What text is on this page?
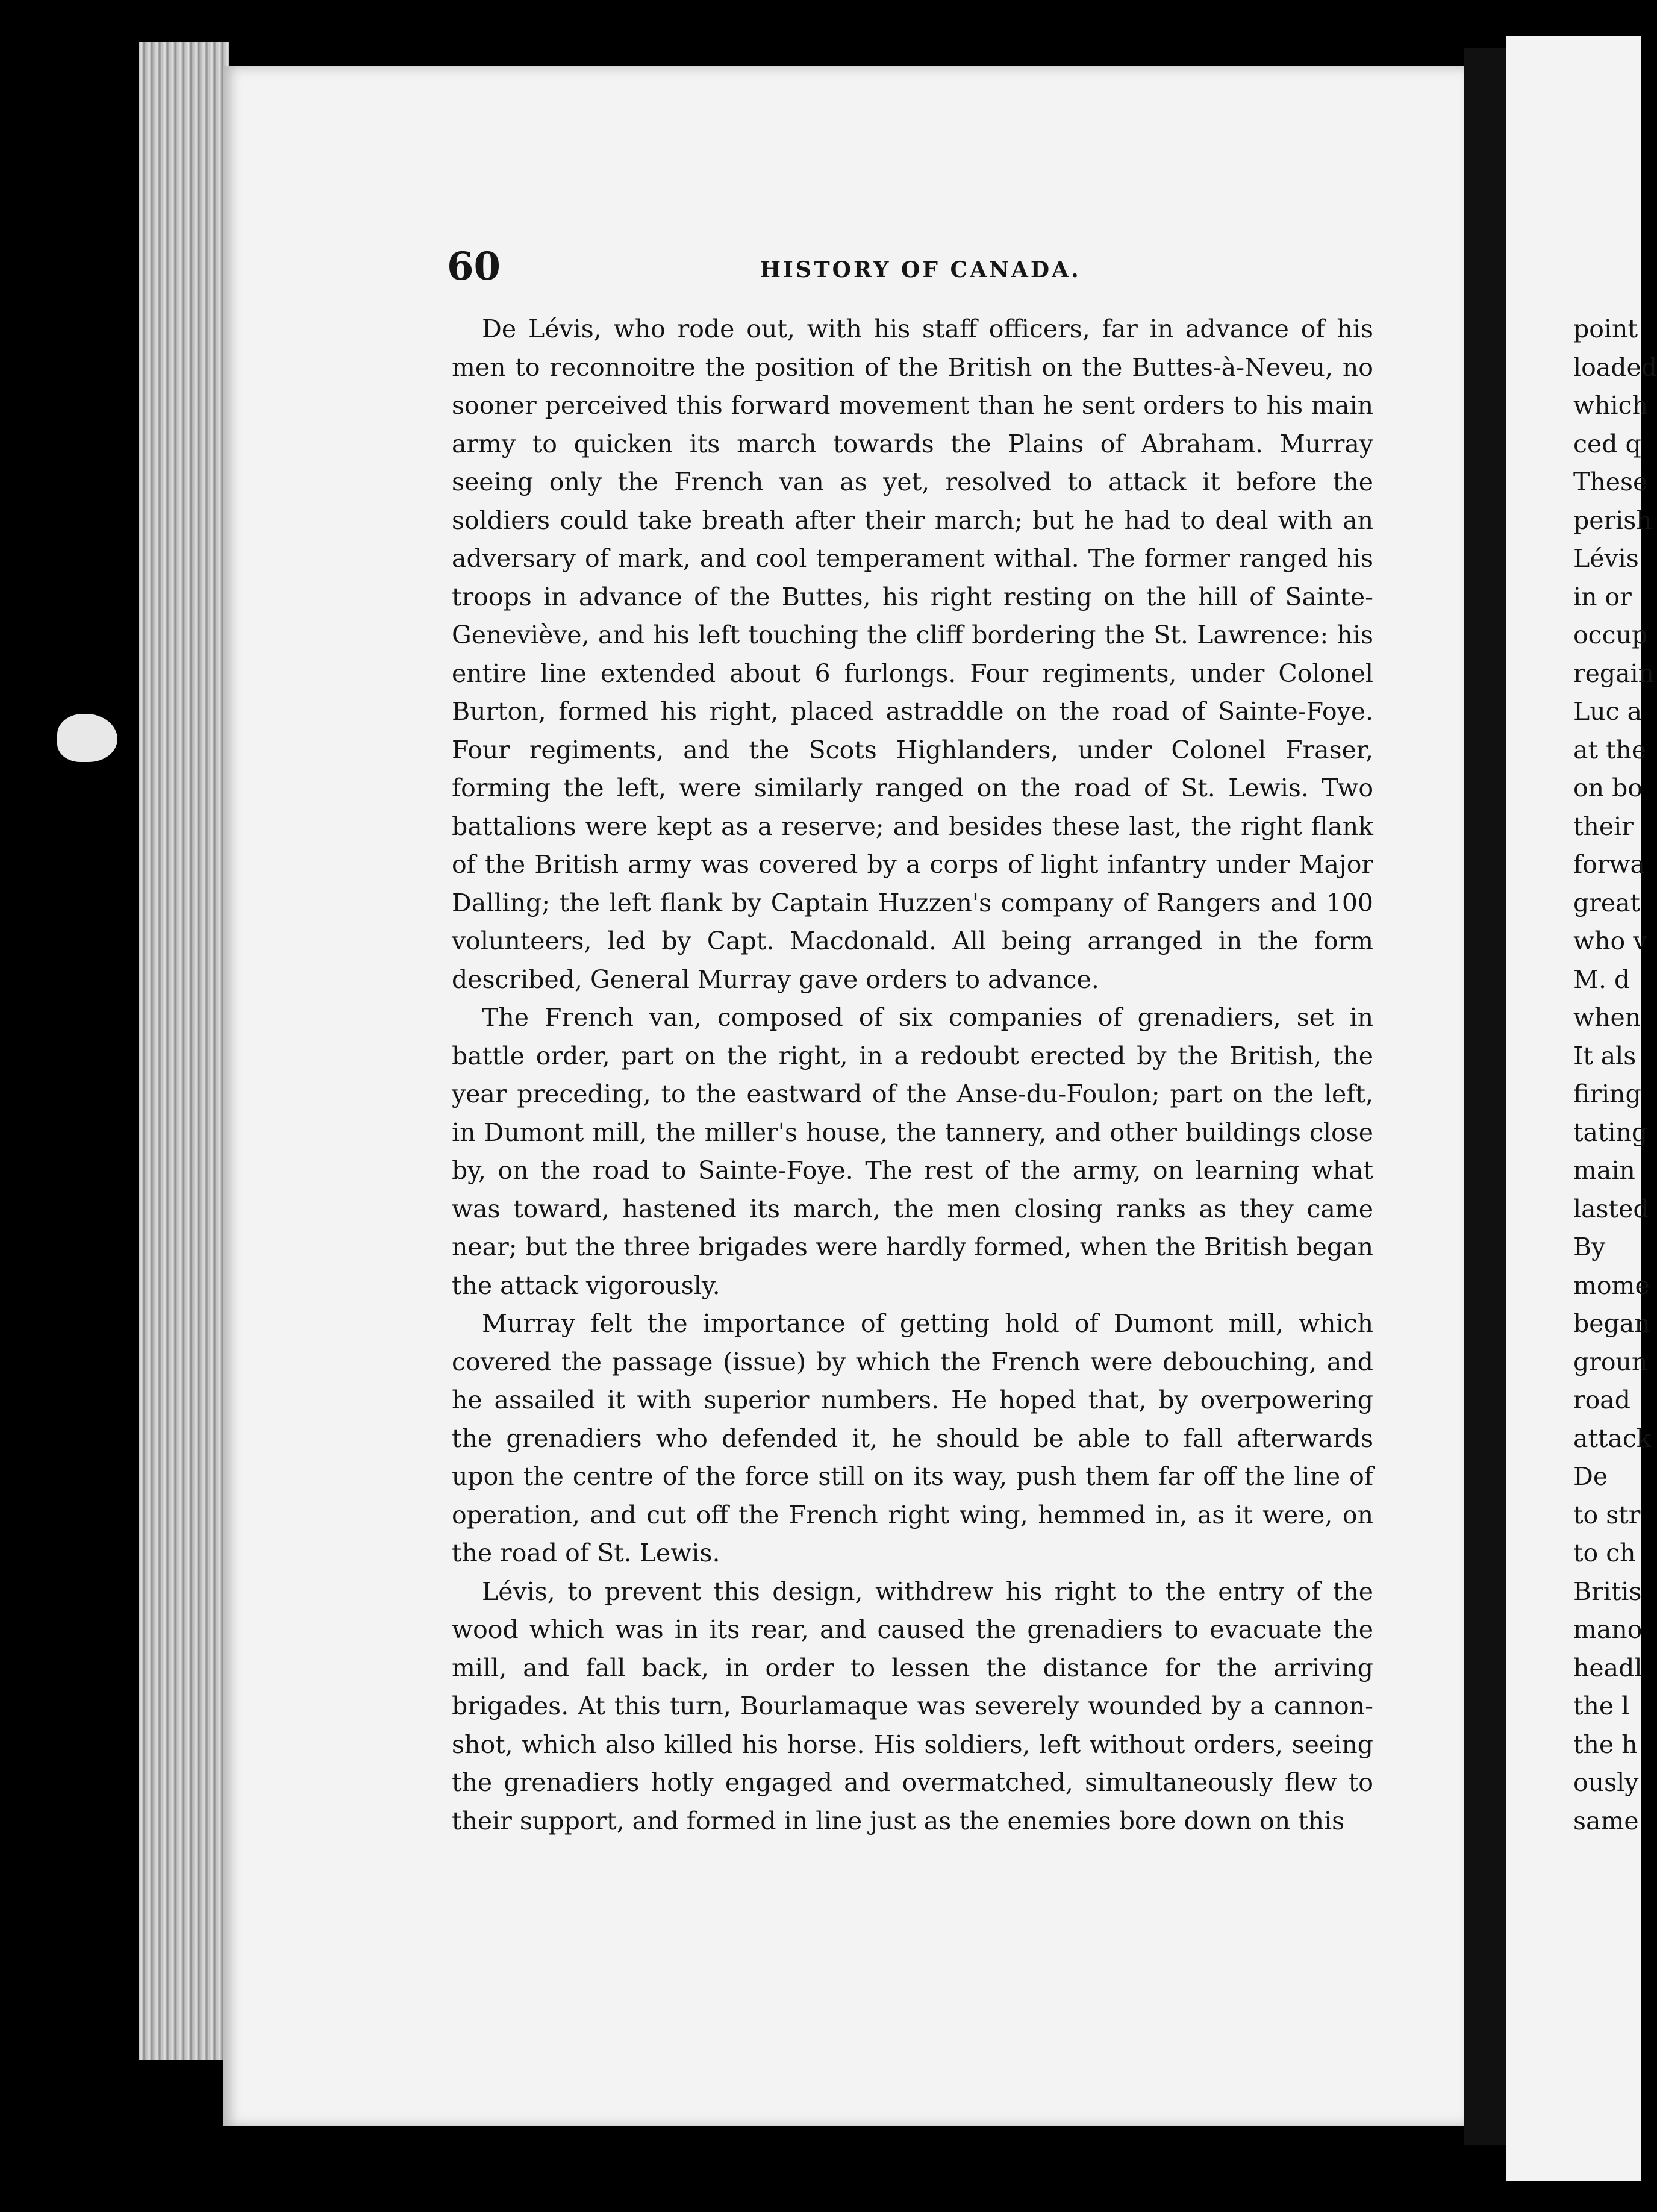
60	HISTORY OF CANADA.

De Lévis, who rode out, with his staff officers, far in advance of his men to reconnoitre the position of the British on the Buttes-à-Neveu, no sooner perceived this forward movement than he sent orders to his main army to quicken its march towards the Plains of Abraham. Murray seeing only the French van as yet, resolved to attack it before the soldiers could take breath after their march; but he had to deal with an adversary of mark, and cool temperament withal. The former ranged his troops in advance of the Buttes, his right resting on the hill of Sainte-Geneviève, and his left touching the cliff bordering the St. Lawrence: his entire line extended about 6 furlongs. Four regiments, under Colonel Burton, formed his right, placed astraddle on the road of Sainte-Foye. Four regiments, and the Scots Highlanders, under Colonel Fraser, forming the left, were similarly ranged on the road of St. Lewis. Two battalions were kept as a reserve; and besides these last, the right flank of the British army was covered by a corps of light infantry under Major Dalling; the left flank by Captain Huzzen's company of Rangers and 100 volunteers, led by Capt. Macdonald. All being arranged in the form described, General Murray gave orders to advance.

The French van, composed of six companies of grenadiers, set in battle order, part on the right, in a redoubt erected by the British, the year preceding, to the eastward of the Anse-du-Foulon; part on the left, in Dumont mill, the miller's house, the tannery, and other buildings close by, on the road to Sainte-Foye. The rest of the army, on learning what was toward, hastened its march, the men closing ranks as they came near; but the three brigades were hardly formed, when the British began the attack vigorously.

Murray felt the importance of getting hold of Dumont mill, which covered the passage (issue) by which the French were debouching, and he assailed it with superior numbers. He hoped that, by overpowering the grenadiers who defended it, he should be able to fall afterwards upon the centre of the force still on its way, push them far off the line of operation, and cut off the French right wing, hemmed in, as it were, on the road of St. Lewis.

Lévis, to prevent this design, withdrew his right to the entry of the wood which was in its rear, and caused the grenadiers to evacuate the mill, and fall back, in order to lessen the distance for the arriving brigades. At this turn, Bourlamaque was severely wounded by a cannon-shot, which also killed his horse. His soldiers, left without orders, seeing the grenadiers hotly engaged and overmatched, simultaneously flew to their support, and formed in line just as the enemies bore down on this

point
loaded
which
ced q
These
perish
Lévis
in or
occup
regain
Luc a
at the
on bo
their
forwa
great
who v
M. d
when
It als
firing
tating
main
lasted
By
mome
began
groun
road
attack
De
to str
to ch
Britis
mano
headl
the l
the h
ously
same
